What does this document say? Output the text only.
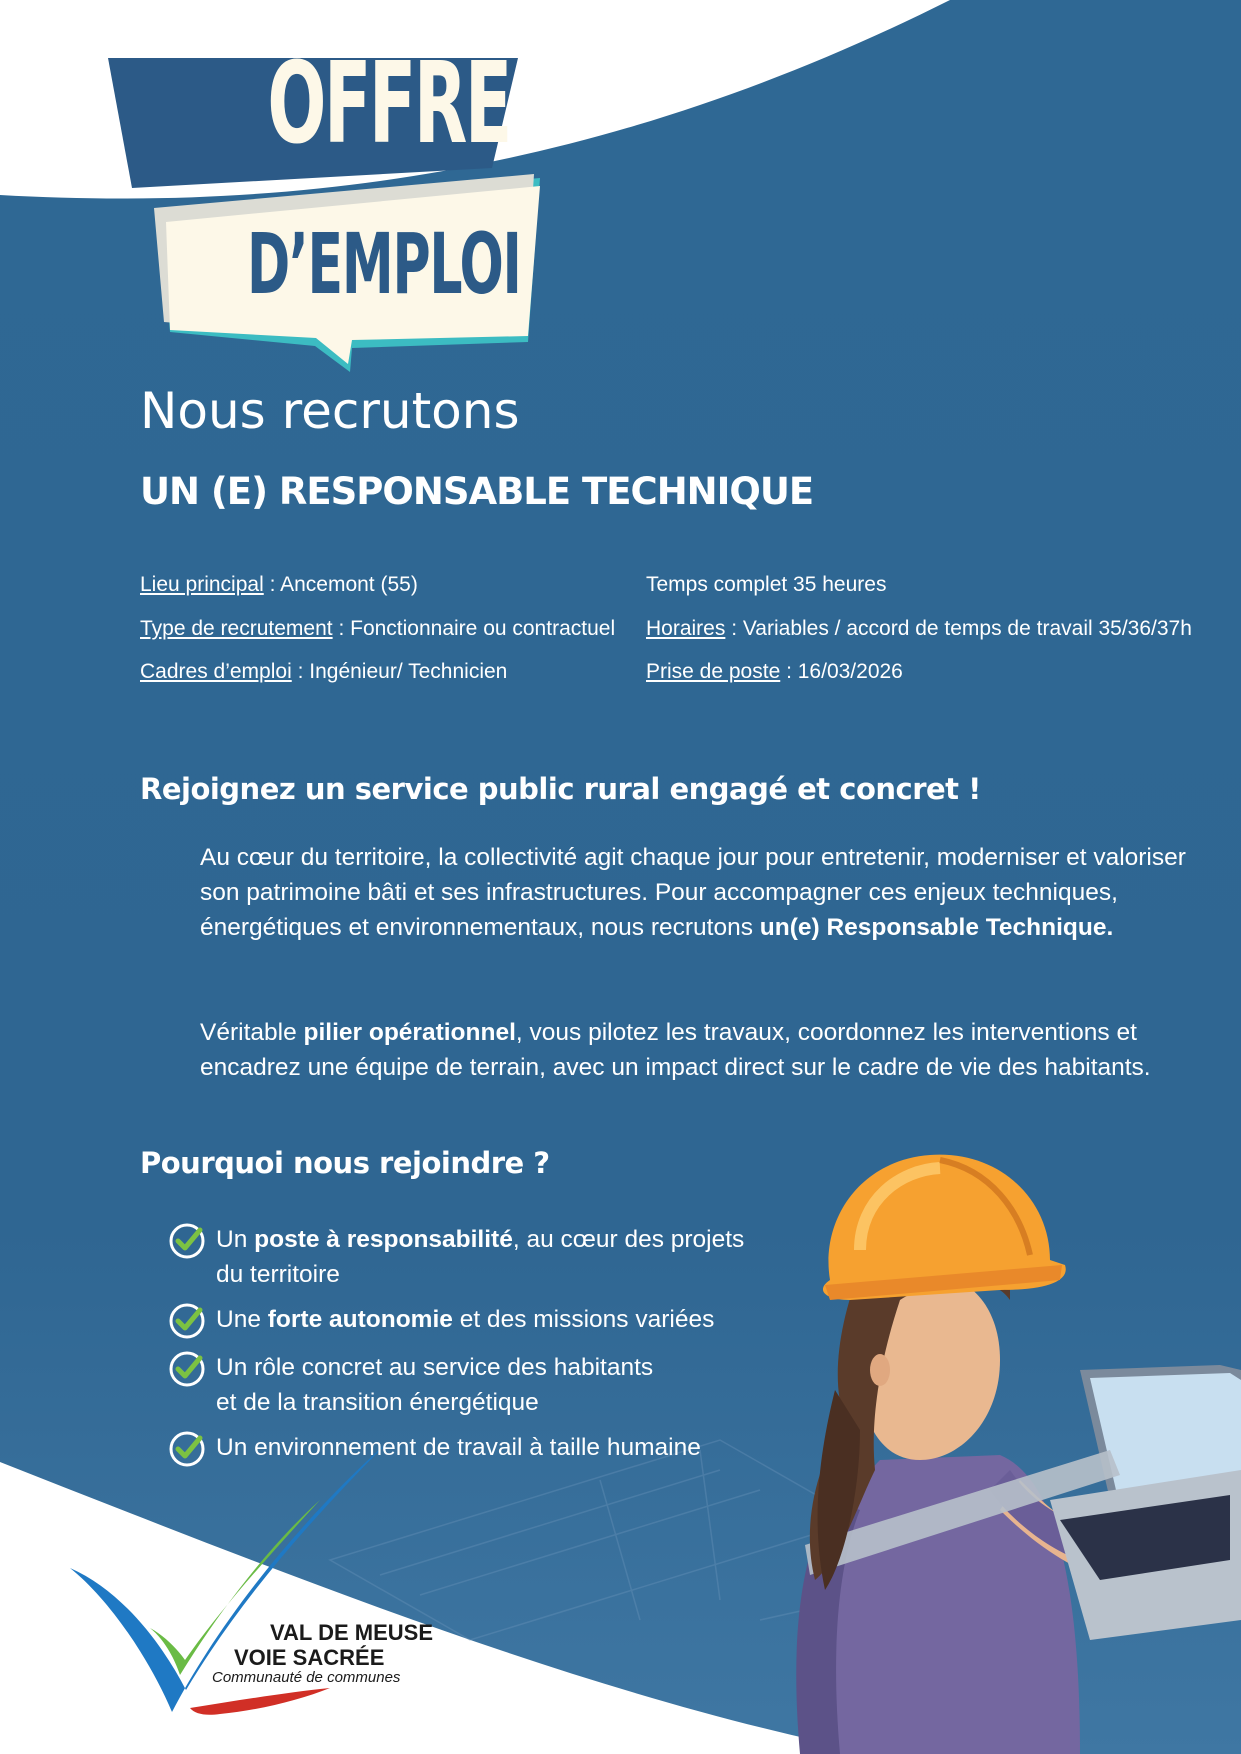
OFFRE
D’EMPLOI
Nous recrutons
UN (E) RESPONSABLE TECHNIQUE
Lieu principal : Ancemont (55)
Type de recrutement : Fonctionnaire ou contractuel
Cadres d’emploi : Ingénieur/ Technicien
Temps complet 35 heures
Horaires : Variables / accord de temps de travail 35/36/37h
Prise de poste : 16/03/2026
Rejoignez un service public rural engagé et concret !
Au cœur du territoire, la collectivité agit chaque jour pour entretenir, moderniser et valoriser son patrimoine bâti et ses infrastructures. Pour accompagner ces enjeux techniques, énergétiques et environnementaux, nous recrutons un(e) Responsable Technique.
Véritable pilier opérationnel, vous pilotez les travaux, coordonnez les interventions et encadrez une équipe de terrain, avec un impact direct sur le cadre de vie des habitants.
Pourquoi nous rejoindre ?
Un poste à responsabilité, au cœur des projets
du territoire
Une forte autonomie et des missions variées
Un rôle concret au service des habitants
et de la transition énergétique
Un environnement de travail à taille humaine
VAL DE MEUSE
VOIE SACRÉE
Communauté de communes
